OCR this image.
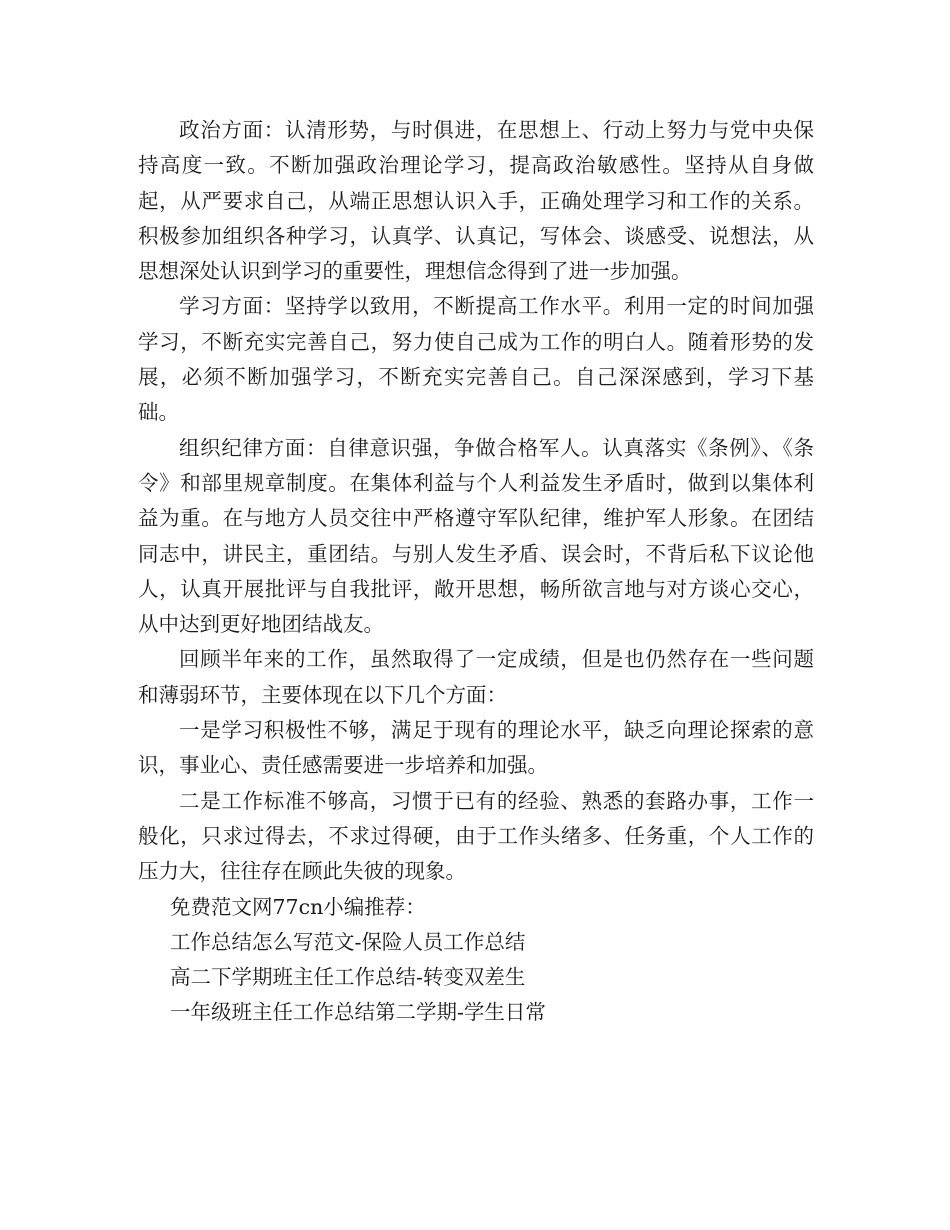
政治方面：认清形势，与时俱进，在思想上、行动上努力与党中央保持高度一致。不断加强政治理论学习，提高政治敏感性。坚持从自身做起，从严要求自己，从端正思想认识入手，正确处理学习和工作的关系。积极参加组织各种学习，认真学、认真记，写体会、谈感受、说想法，从思想深处认识到学习的重要性，理想信念得到了进一步加强。

学习方面：坚持学以致用，不断提高工作水平。利用一定的时间加强学习，不断充实完善自己，努力使自己成为工作的明白人。随着形势的发展，必须不断加强学习，不断充实完善自己。自己深深感到，学习下基础。

组织纪律方面：自律意识强，争做合格军人。认真落实《条例》、《条令》和部里规章制度。在集体利益与个人利益发生矛盾时，做到以集体利益为重。在与地方人员交往中严格遵守军队纪律，维护军人形象。在团结同志中，讲民主，重团结。与别人发生矛盾、误会时，不背后私下议论他人，认真开展批评与自我批评，敞开思想，畅所欲言地与对方谈心交心，从中达到更好地团结战友。

回顾半年来的工作，虽然取得了一定成绩，但是也仍然存在一些问题和薄弱环节，主要体现在以下几个方面：

一是学习积极性不够，满足于现有的理论水平，缺乏向理论探索的意识，事业心、责任感需要进一步培养和加强。

二是工作标准不够高，习惯于已有的经验、熟悉的套路办事，工作一般化，只求过得去，不求过得硬，由于工作头绪多、任务重，个人工作的压力大，往往存在顾此失彼的现象。

免费范文网77cn小编推荐：

工作总结怎么写范文-保险人员工作总结

高二下学期班主任工作总结-转变双差生

一年级班主任工作总结第二学期-学生日常
